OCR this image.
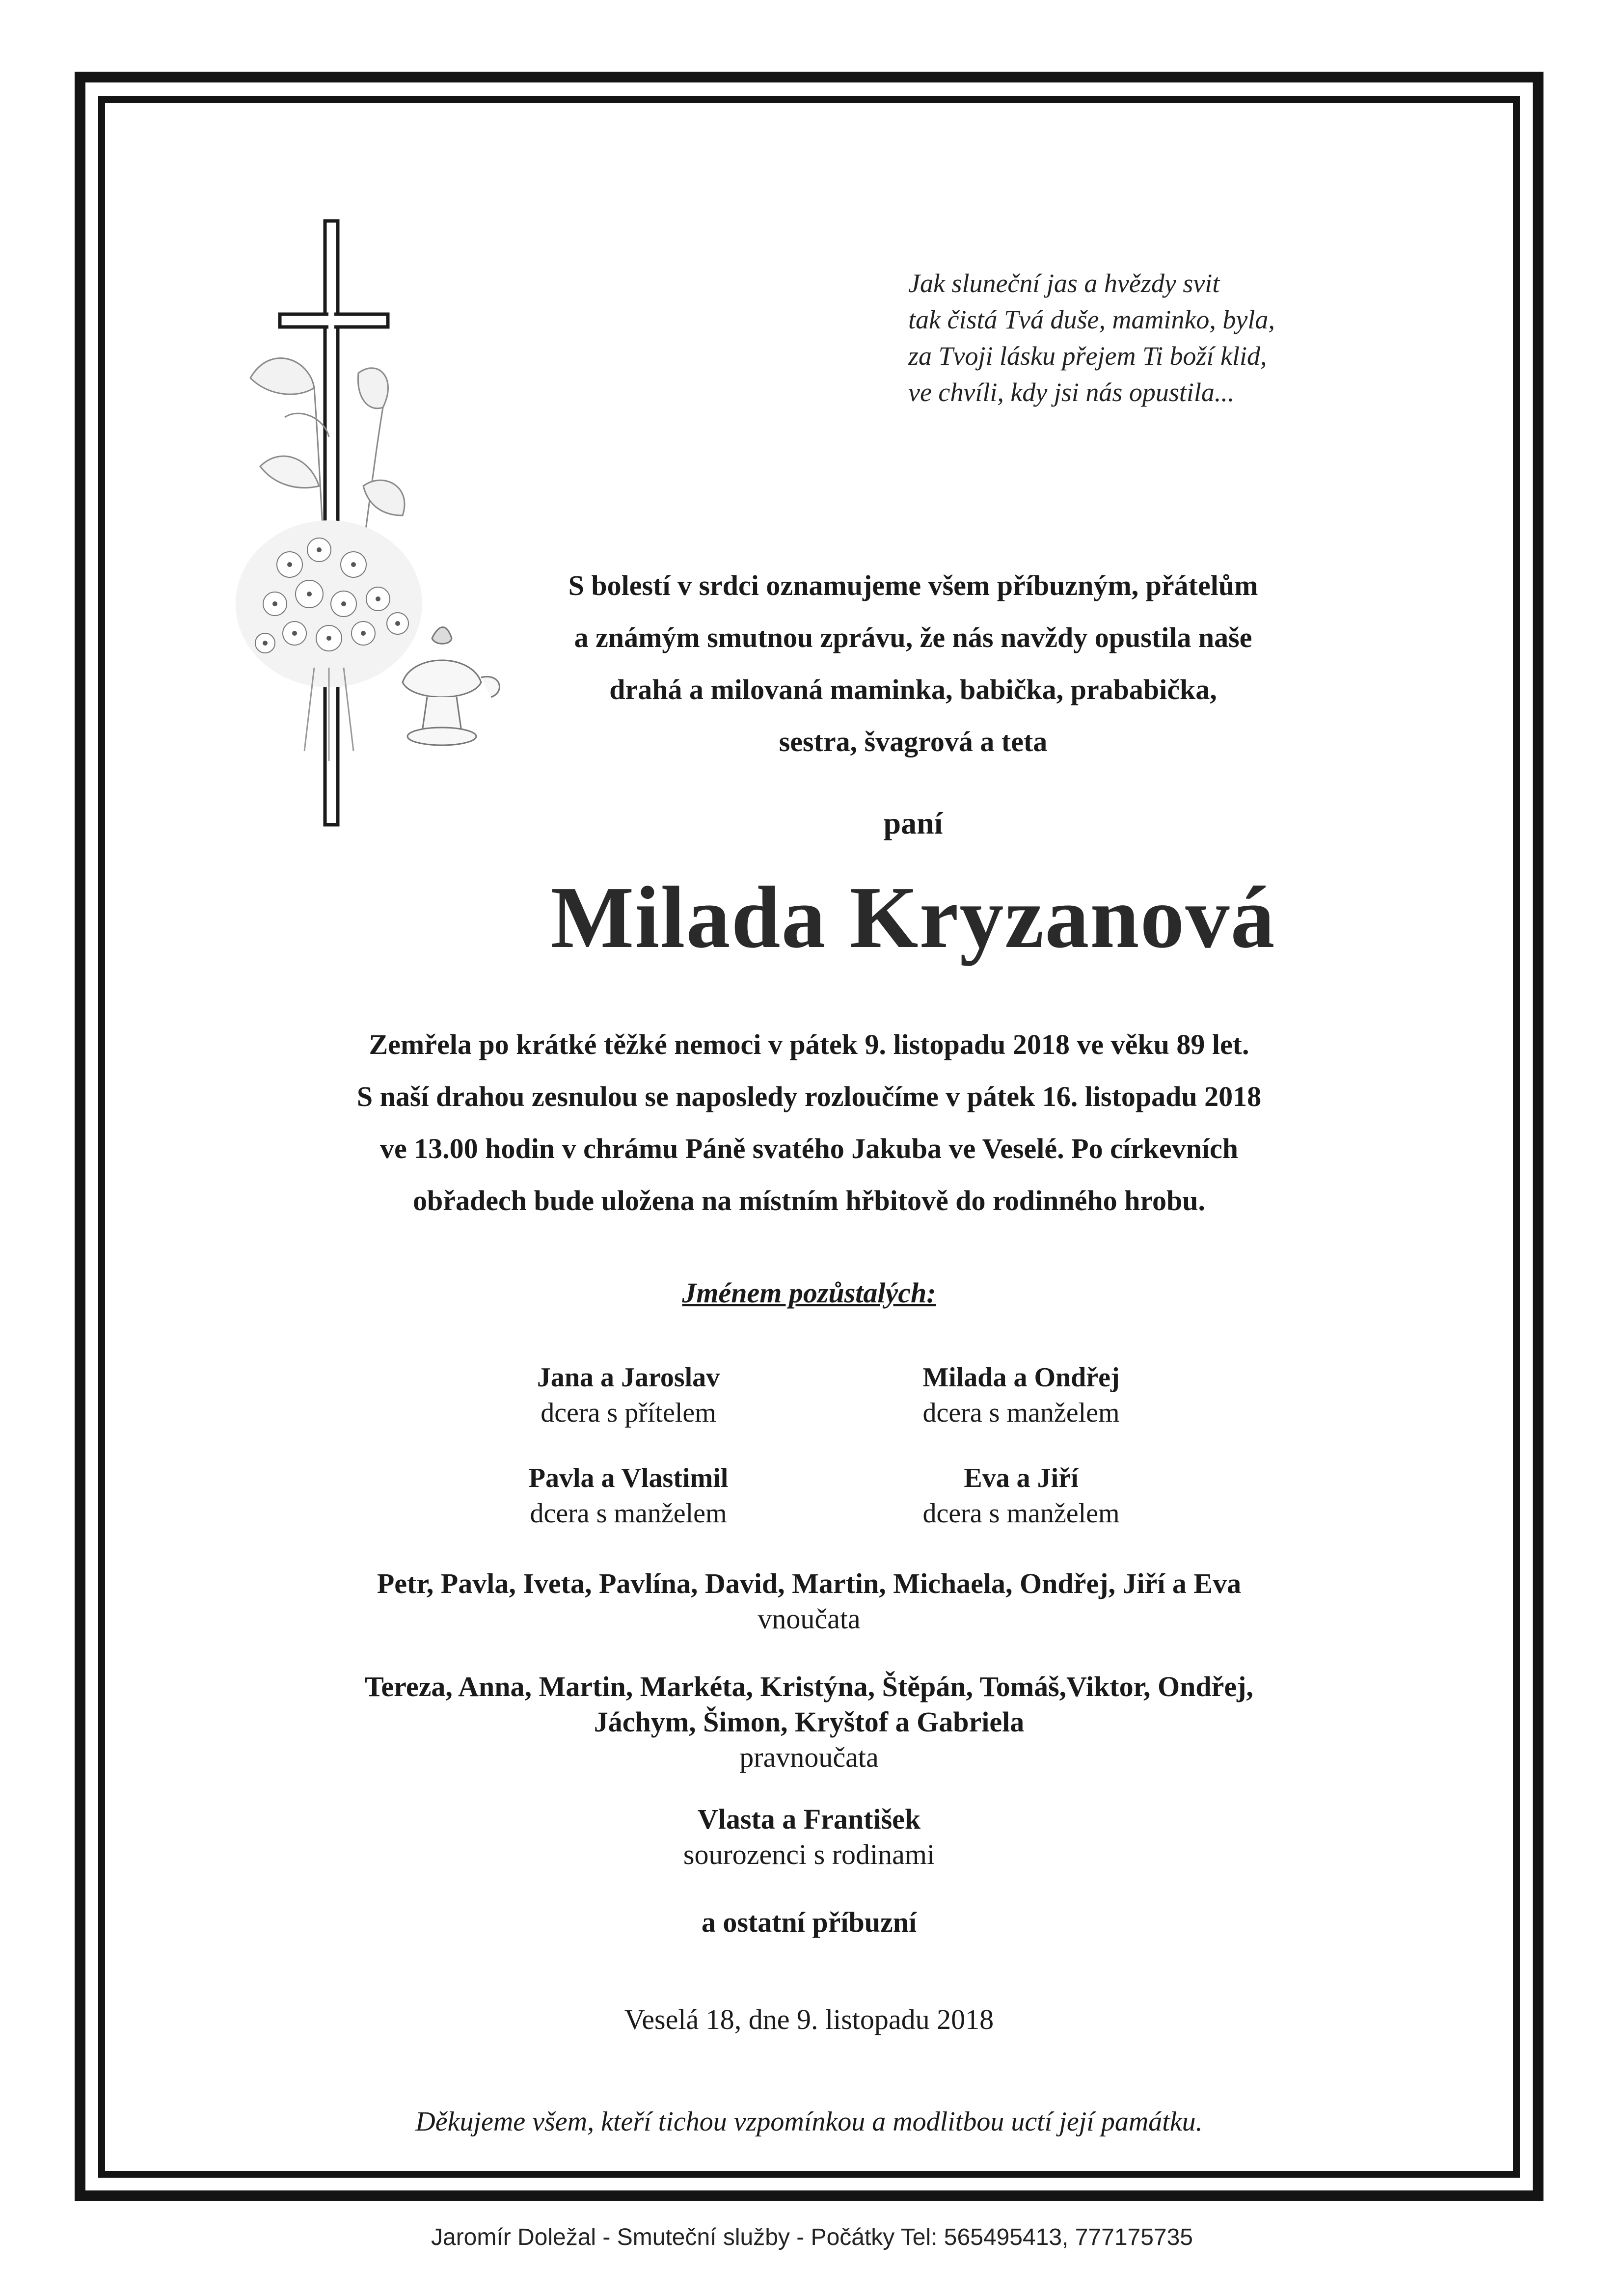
Jak sluneční jas a hvězdy svit
tak čistá Tvá duše, maminko, byla,
za Tvoji lásku přejem Ti boží klid,
ve chvíli, kdy jsi nás opustila...
S bolestí v srdci oznamujeme všem příbuzným, přátelům
a známým smutnou zprávu, že nás navždy opustila naše
drahá a milovaná maminka, babička, prababička,
sestra, švagrová a teta
paní
Milada Kryzanová
Zemřela po krátké těžké nemoci v pátek 9. listopadu 2018 ve věku 89 let.
S naší drahou zesnulou se naposledy rozloučíme v pátek 16. listopadu 2018
ve 13.00 hodin v chrámu Páně svatého Jakuba ve Veselé. Po církevních
obřadech bude uložena na místním hřbitově do rodinného hrobu.
Jménem pozůstalých:
Jana a Jaroslav
dcera s přítelem
Milada a Ondřej
dcera s manželem
Pavla a Vlastimil
dcera s manželem
Eva a Jiří
dcera s manželem
Petr, Pavla, Iveta, Pavlína, David, Martin, Michaela, Ondřej, Jiří a Eva
vnoučata
Tereza, Anna, Martin, Markéta, Kristýna, Štěpán, Tomáš,Viktor, Ondřej,
Jáchym, Šimon, Kryštof a Gabriela
pravnoučata
Vlasta a František
sourozenci s rodinami
a ostatní příbuzní
Veselá 18, dne 9. listopadu 2018
Děkujeme všem, kteří tichou vzpomínkou a modlitbou uctí její památku.
Jaromír Doležal - Smuteční služby - Počátky Tel: 565495413, 777175735
